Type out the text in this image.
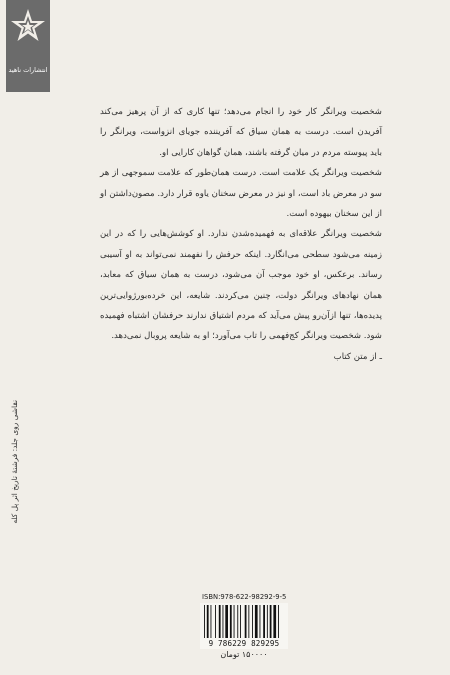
انتشارات ناهید

شخصیت ویرانگر کار خود را انجام می‌دهد؛ تنها کاری که از آن پرهیز می‌کند آفریدن است. درست به همان سیاق که آفریننده جویای انزواست، ویرانگر را باید پیوسته مردم در میان گرفته باشند، همان گواهان کارایی او.

شخصیت ویرانگر یک علامت است. درست همان‌طور که علامت سموجهی از هر سو در معرض باد است، او نیز در معرض سخنان یاوه قرار دارد. مصون‌داشتن او از این سخنان بیهوده است.

شخصیت ویرانگر علاقه‌ای به فهمیده‌شدن ندارد. او کوشش‌هایی را که در این زمینه می‌شود سطحی می‌انگارد. اینکه حرفش را نفهمند نمی‌تواند به او آسیبی رساند. برعکس، او خود موجب آن می‌شود، درست به همان سیاق که معابد، همان نهادهای ویرانگر دولت، چنین می‌کردند. شایعه، این خرده‌بورژوایی‌ترین پدیده‌ها، تنها ازآن‌رو پیش می‌آید که مردم اشتیاق ندارند حرفشان اشتباه فهمیده شود. شخصیت ویرانگر کج‌فهمی را تاب می‌آورد؛ او به شایعه پروبال نمی‌دهد.

ـ از متن کتاب

نقاشی روی جلد: فرشتهٔ تاریخ اثر پل کله
ISBN:978-622-98292-9-5
9 786229 829295
۱۵۰۰۰۰ تومان
